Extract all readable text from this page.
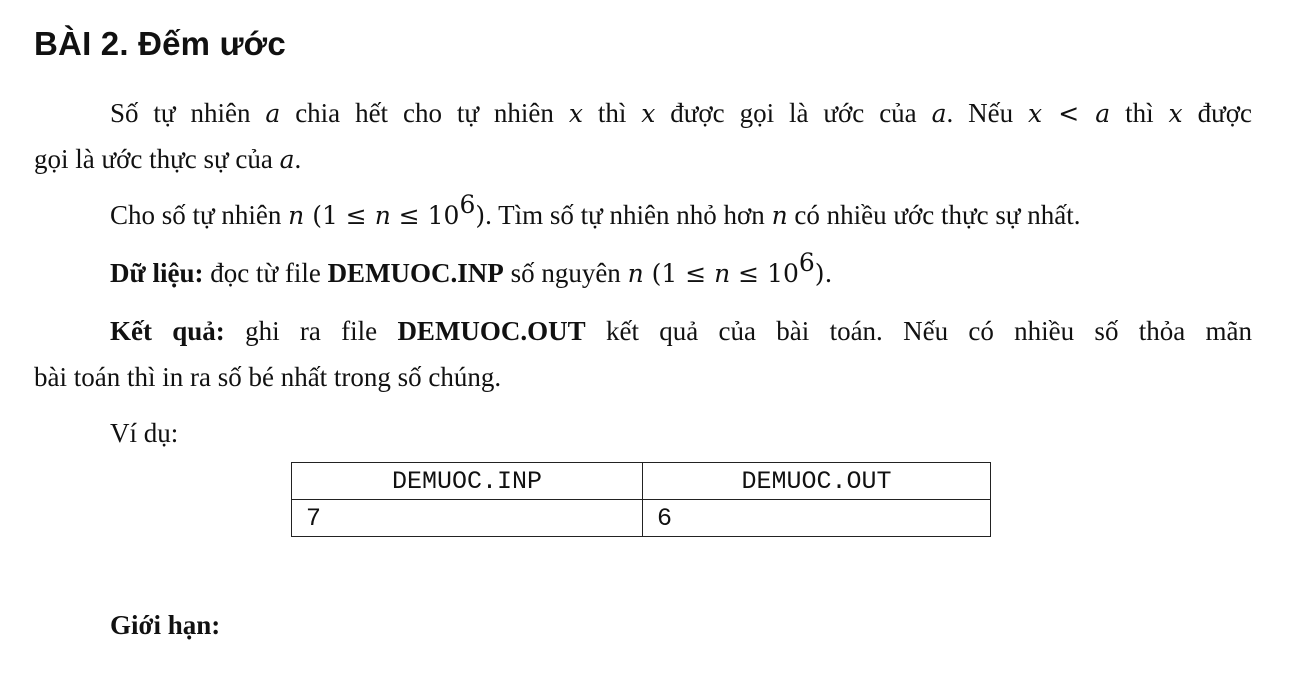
BÀI 2. Đếm ước

Số tự nhiên a chia hết cho tự nhiên x thì x được gọi là ước của a. Nếu x < a thì x được

gọi là ước thực sự của a.

Cho số tự nhiên n $(1 \le n \le 10^6)$. Tìm số tự nhiên nhỏ hơn n có nhiều ước thực sự nhất.

Dữ liệu: đọc từ file DEMUOC.INP số nguyên n $(1 \le n \le 10^6)$.

Kết quả: ghi ra file DEMUOC.OUT kết quả của bài toán. Nếu có nhiều số thỏa mãn

bài toán thì in ra số bé nhất trong số chúng.

Ví dụ:

DEMUOC.INP	DEMUOC.OUT
7	6

Giới hạn:
